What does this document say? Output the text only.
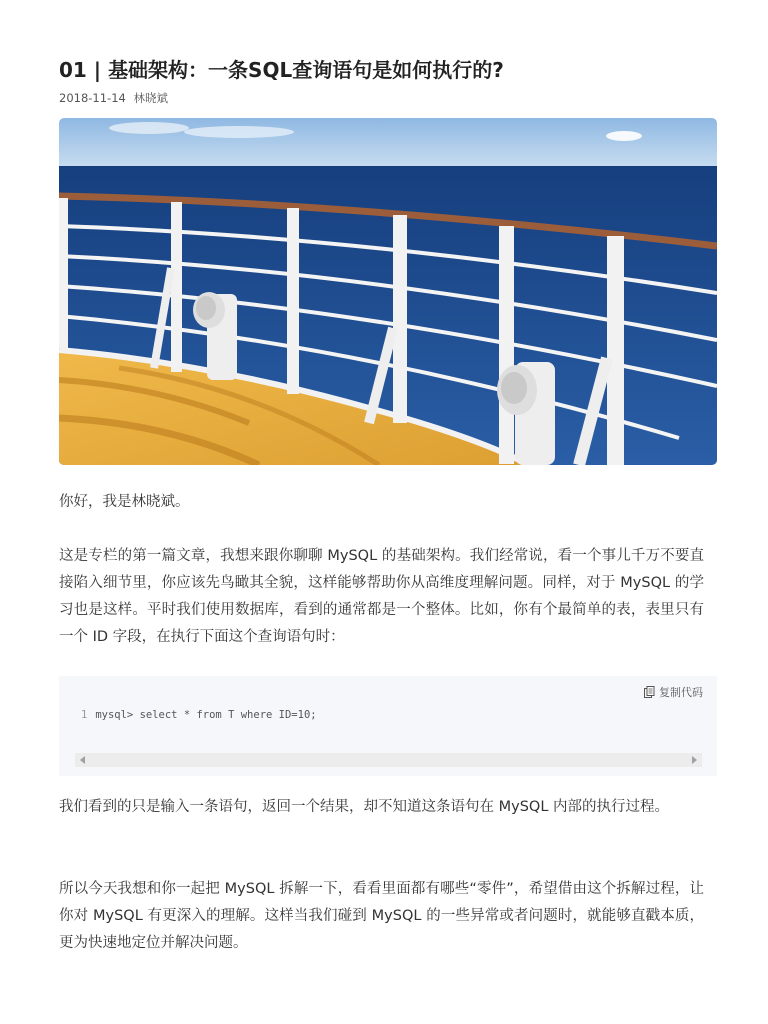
01 | 基础架构：一条SQL查询语句是如何执行的?
2018-11-14 林晓斌

你好，我是林晓斌。

这是专栏的第一篇文章，我想来跟你聊聊 MySQL 的基础架构。我们经常说，看一个事儿千万不要直接陷入细节里，你应该先鸟瞰其全貌，这样能够帮助你从高维度理解问题。同样，对于 MySQL 的学习也是这样。平时我们使用数据库，看到的通常都是一个整体。比如，你有个最简单的表，表里只有一个 ID 字段，在执行下面这个查询语句时：

复制代码
1 mysql> select * from T where ID=10;

我们看到的只是输入一条语句，返回一个结果，却不知道这条语句在 MySQL 内部的执行过程。

所以今天我想和你一起把 MySQL 拆解一下，看看里面都有哪些“零件”，希望借由这个拆解过程，让你对 MySQL 有更深入的理解。这样当我们碰到 MySQL 的一些异常或者问题时，就能够直戳本质，更为快速地定位并解决问题。
